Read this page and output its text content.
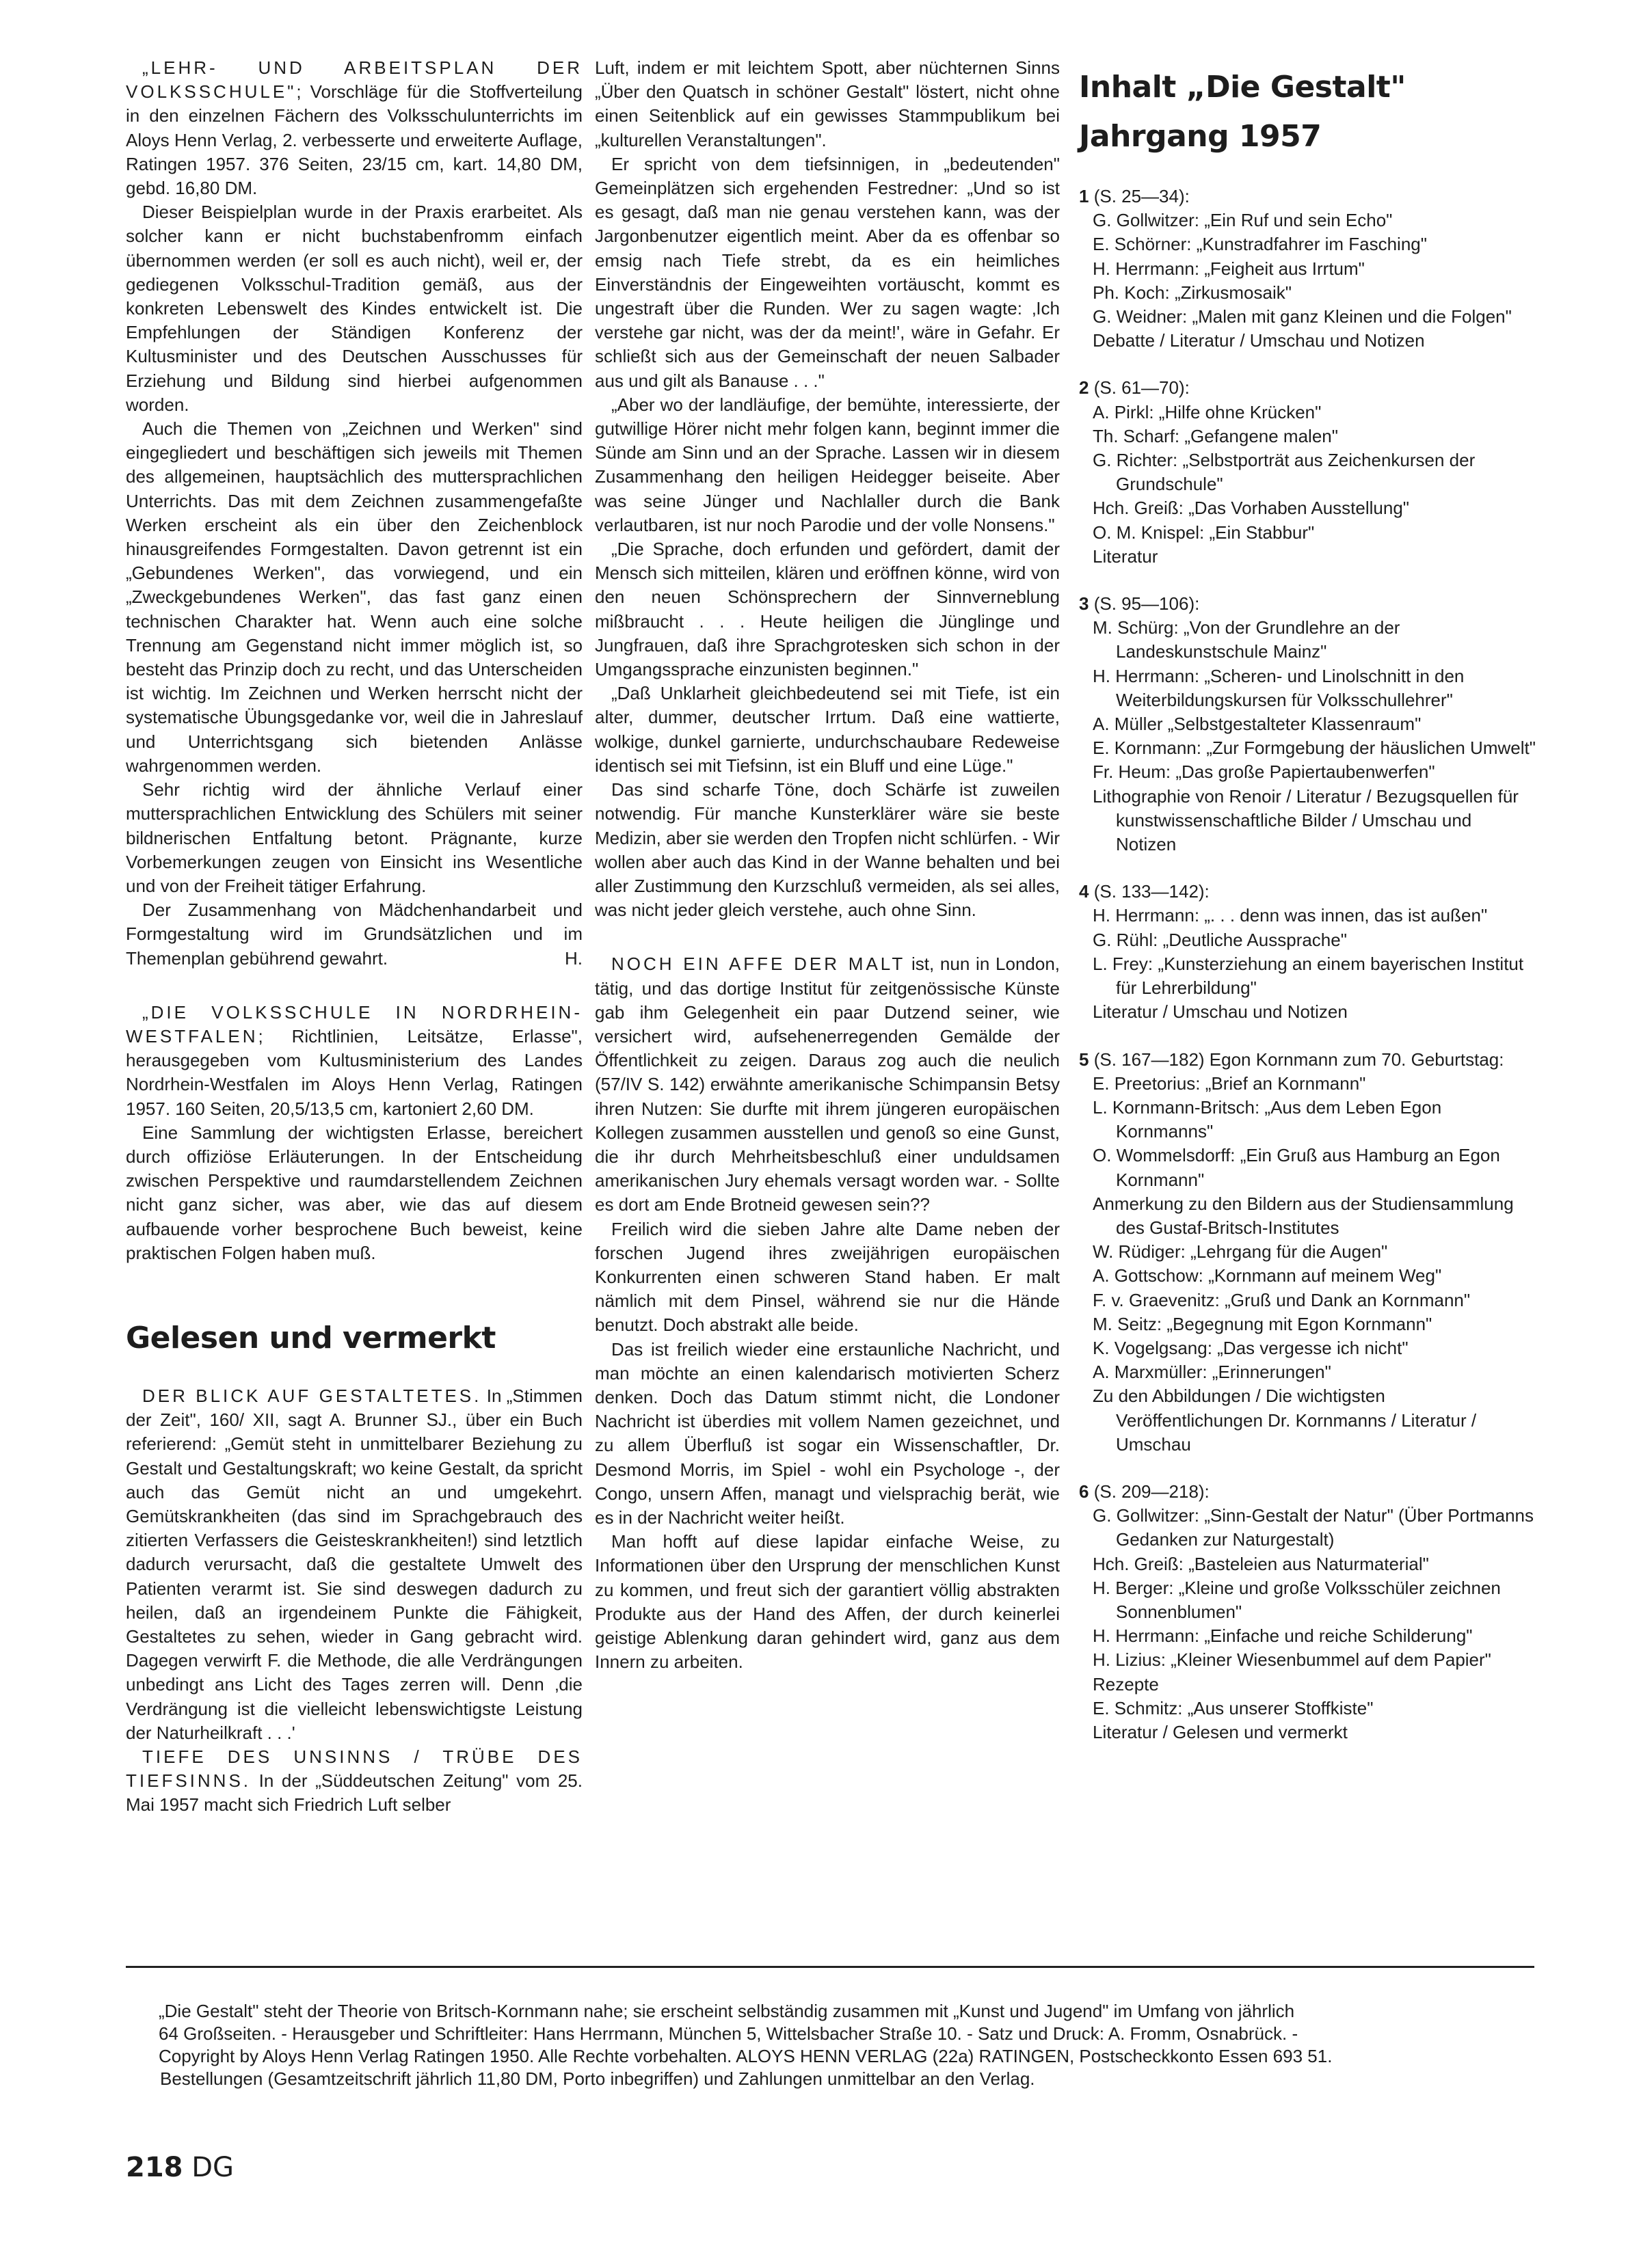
„LEHR- UND ARBEITSPLAN DER VOLKSSCHULE"; Vorschläge für die Stoffverteilung in den einzelnen Fächern des Volksschulunterrichts im Aloys Henn Verlag, 2. verbesserte und erweiterte Auflage, Ratingen 1957. 376 Seiten, 23/15 cm, kart. 14,80 DM, gebd. 16,80 DM.

Dieser Beispielplan wurde in der Praxis erarbeitet. Als solcher kann er nicht buchstabenfromm einfach übernommen werden (er soll es auch nicht), weil er, der gediegenen Volksschul-Tradition gemäß, aus der konkreten Lebenswelt des Kindes entwickelt ist. Die Empfehlungen der Ständigen Konferenz der Kultusminister und des Deutschen Ausschusses für Erziehung und Bildung sind hierbei aufgenommen worden.

Auch die Themen von „Zeichnen und Werken" sind eingegliedert und beschäftigen sich jeweils mit Themen des allgemeinen, hauptsächlich des muttersprachlichen Unterrichts. Das mit dem Zeichnen zusammengefaßte Werken erscheint als ein über den Zeichenblock hinausgreifendes Formgestalten. Davon getrennt ist ein „Gebundenes Werken", das vorwiegend, und ein „Zweckgebundenes Werken", das fast ganz einen technischen Charakter hat. Wenn auch eine solche Trennung am Gegenstand nicht immer möglich ist, so besteht das Prinzip doch zu recht, und das Unterscheiden ist wichtig. Im Zeichnen und Werken herrscht nicht der systematische Übungsgedanke vor, weil die in Jahreslauf und Unterrichtsgang sich bietenden Anlässe wahrgenommen werden.

Sehr richtig wird der ähnliche Verlauf einer muttersprachlichen Entwicklung des Schülers mit seiner bildnerischen Entfaltung betont. Prägnante, kurze Vorbemerkungen zeugen von Einsicht ins Wesentliche und von der Freiheit tätiger Erfahrung.

Der Zusammenhang von Mädchenhandarbeit und Formgestaltung wird im Grundsätzlichen und im Themenplan gebührend gewahrt.	H.

„DIE VOLKSSCHULE IN NORDRHEIN-WESTFALEN; Richtlinien, Leitsätze, Erlasse", herausgegeben vom Kultusministerium des Landes Nordrhein-Westfalen im Aloys Henn Verlag, Ratingen 1957. 160 Seiten, 20,5/13,5 cm, kartoniert 2,60 DM.

Eine Sammlung der wichtigsten Erlasse, bereichert durch offiziöse Erläuterungen. In der Entscheidung zwischen Perspektive und raumdarstellendem Zeichnen nicht ganz sicher, was aber, wie das auf diesem aufbauende vorher besprochene Buch beweist, keine praktischen Folgen haben muß.

Gelesen und vermerkt

DER BLICK AUF GESTALTETES. In „Stimmen der Zeit", 160/ XII, sagt A. Brunner SJ., über ein Buch referierend: „Gemüt steht in unmittelbarer Beziehung zu Gestalt und Gestaltungskraft; wo keine Gestalt, da spricht auch das Gemüt nicht an und umgekehrt. Gemütskrankheiten (das sind im Sprachgebrauch des zitierten Verfassers die Geisteskrankheiten!) sind letztlich dadurch verursacht, daß die gestaltete Umwelt des Patienten verarmt ist. Sie sind deswegen dadurch zu heilen, daß an irgendeinem Punkte die Fähigkeit, Gestaltetes zu sehen, wieder in Gang gebracht wird. Dagegen verwirft F. die Methode, die alle Verdrängungen unbedingt ans Licht des Tages zerren will. Denn ‚die Verdrängung ist die vielleicht lebenswichtigste Leistung der Naturheilkraft . . .'

TIEFE DES UNSINNS / TRÜBE DES TIEFSINNS. In der „Süddeutschen Zeitung" vom 25. Mai 1957 macht sich Friedrich Luft selber

Luft, indem er mit leichtem Spott, aber nüchternen Sinns „Über den Quatsch in schöner Gestalt" löstert, nicht ohne einen Seitenblick auf ein gewisses Stammpublikum bei „kulturellen Veranstaltungen".

Er spricht von dem tiefsinnigen, in „bedeutenden" Gemeinplätzen sich ergehenden Festredner: „Und so ist es gesagt, daß man nie genau verstehen kann, was der Jargonbenutzer eigentlich meint. Aber da es offenbar so emsig nach Tiefe strebt, da es ein heimliches Einverständnis der Eingeweihten vortäuscht, kommt es ungestraft über die Runden. Wer zu sagen wagte: ‚Ich verstehe gar nicht, was der da meint!', wäre in Gefahr. Er schließt sich aus der Gemeinschaft der neuen Salbader aus und gilt als Banause . . ."

„Aber wo der landläufige, der bemühte, interessierte, der gutwillige Hörer nicht mehr folgen kann, beginnt immer die Sünde am Sinn und an der Sprache. Lassen wir in diesem Zusammenhang den heiligen Heidegger beiseite. Aber was seine Jünger und Nachlaller durch die Bank verlautbaren, ist nur noch Parodie und der volle Nonsens."

„Die Sprache, doch erfunden und gefördert, damit der Mensch sich mitteilen, klären und eröffnen könne, wird von den neuen Schönsprechern der Sinnverneblung mißbraucht . . . Heute heiligen die Jünglinge und Jungfrauen, daß ihre Sprachgrotesken sich schon in der Umgangssprache einzunisten beginnen."

„Daß Unklarheit gleichbedeutend sei mit Tiefe, ist ein alter, dummer, deutscher Irrtum. Daß eine wattierte, wolkige, dunkel garnierte, undurchschaubare Redeweise identisch sei mit Tiefsinn, ist ein Bluff und eine Lüge."

Das sind scharfe Töne, doch Schärfe ist zuweilen notwendig. Für manche Kunsterklärer wäre sie beste Medizin, aber sie werden den Tropfen nicht schlürfen. - Wir wollen aber auch das Kind in der Wanne behalten und bei aller Zustimmung den Kurzschluß vermeiden, als sei alles, was nicht jeder gleich verstehe, auch ohne Sinn.

NOCH EIN AFFE DER MALT ist, nun in London, tätig, und das dortige Institut für zeitgenössische Künste gab ihm Gelegenheit ein paar Dutzend seiner, wie versichert wird, aufsehenerregenden Gemälde der Öffentlichkeit zu zeigen. Daraus zog auch die neulich (57/IV S. 142) erwähnte amerikanische Schimpansin Betsy ihren Nutzen: Sie durfte mit ihrem jüngeren europäischen Kollegen zusammen ausstellen und genoß so eine Gunst, die ihr durch Mehrheitsbeschluß einer unduldsamen amerikanischen Jury ehemals versagt worden war. - Sollte es dort am Ende Brotneid gewesen sein??

Freilich wird die sieben Jahre alte Dame neben der forschen Jugend ihres zweijährigen europäischen Konkurrenten einen schweren Stand haben. Er malt nämlich mit dem Pinsel, während sie nur die Hände benutzt. Doch abstrakt alle beide.

Das ist freilich wieder eine erstaunliche Nachricht, und man möchte an einen kalendarisch motivierten Scherz denken. Doch das Datum stimmt nicht, die Londoner Nachricht ist überdies mit vollem Namen gezeichnet, und zu allem Überfluß ist sogar ein Wissenschaftler, Dr. Desmond Morris, im Spiel - wohl ein Psychologe -, der Congo, unsern Affen, managt und vielsprachig berät, wie es in der Nachricht weiter heißt.

Man hofft auf diese lapidar einfache Weise, zu Informationen über den Ursprung der menschlichen Kunst zu kommen, und freut sich der garantiert völlig abstrakten Produkte aus der Hand des Affen, der durch keinerlei geistige Ablenkung daran gehindert wird, ganz aus dem Innern zu arbeiten.

Inhalt „Die Gestalt"
Jahrgang 1957
1 (S. 25—34):
G. Gollwitzer: „Ein Ruf und sein Echo"
E. Schörner: „Kunstradfahrer im Fasching"
H. Herrmann: „Feigheit aus Irrtum"
Ph. Koch: „Zirkusmosaik"
G. Weidner: „Malen mit ganz Kleinen und die Folgen"
Debatte / Literatur / Umschau und Notizen
2 (S. 61—70):
A. Pirkl: „Hilfe ohne Krücken"
Th. Scharf: „Gefangene malen"
G. Richter: „Selbstporträt aus Zeichenkursen der Grundschule"
Hch. Greiß: „Das Vorhaben Ausstellung"
O. M. Knispel: „Ein Stabbur"
Literatur
3 (S. 95—106):
M. Schürg: „Von der Grundlehre an der Landeskunstschule Mainz"
H. Herrmann: „Scheren- und Linolschnitt in den Weiterbildungskursen für Volksschullehrer"
A. Müller „Selbstgestalteter Klassenraum"
E. Kornmann: „Zur Formgebung der häuslichen Umwelt"
Fr. Heum: „Das große Papiertaubenwerfen"
Lithographie von Renoir / Literatur / Bezugsquellen für kunstwissenschaftliche Bilder / Umschau und Notizen
4 (S. 133—142):
H. Herrmann: „. . . denn was innen, das ist außen"
G. Rühl: „Deutliche Aussprache"
L. Frey: „Kunsterziehung an einem bayerischen Institut für Lehrerbildung"
Literatur / Umschau und Notizen
5 (S. 167—182) Egon Kornmann zum 70. Geburtstag:
E. Preetorius: „Brief an Kornmann"
L. Kornmann-Britsch: „Aus dem Leben Egon Kornmanns"
O. Wommelsdorff: „Ein Gruß aus Hamburg an Egon Kornmann"
Anmerkung zu den Bildern aus der Studiensammlung des Gustaf-Britsch-Institutes
W. Rüdiger: „Lehrgang für die Augen"
A. Gottschow: „Kornmann auf meinem Weg"
F. v. Graevenitz: „Gruß und Dank an Kornmann"
M. Seitz: „Begegnung mit Egon Kornmann"
K. Vogelgsang: „Das vergesse ich nicht"
A. Marxmüller: „Erinnerungen"
Zu den Abbildungen / Die wichtigsten Veröffentlichungen Dr. Kornmanns / Literatur / Umschau
6 (S. 209—218):
G. Gollwitzer: „Sinn-Gestalt der Natur" (Über Portmanns Gedanken zur Naturgestalt)
Hch. Greiß: „Basteleien aus Naturmaterial"
H. Berger: „Kleine und große Volksschüler zeichnen Sonnenblumen"
H. Herrmann: „Einfache und reiche Schilderung"
H. Lizius: „Kleiner Wiesenbummel auf dem Papier"
Rezepte
E. Schmitz: „Aus unserer Stoffkiste"
Literatur / Gelesen und vermerkt
„Die Gestalt" steht der Theorie von Britsch-Kornmann nahe; sie erscheint selbständig zusammen mit „Kunst und Jugend" im Umfang von jährlich
64 Großseiten. - Herausgeber und Schriftleiter: Hans Herrmann, München 5, Wittelsbacher Straße 10. - Satz und Druck: A. Fromm, Osnabrück. -
Copyright by Aloys Henn Verlag Ratingen 1950. Alle Rechte vorbehalten. ALOYS HENN VERLAG (22a) RATINGEN, Postscheckkonto Essen 693 51.
Bestellungen (Gesamtzeitschrift jährlich 11,80 DM, Porto inbegriffen) und Zahlungen unmittelbar an den Verlag.
218 DG
